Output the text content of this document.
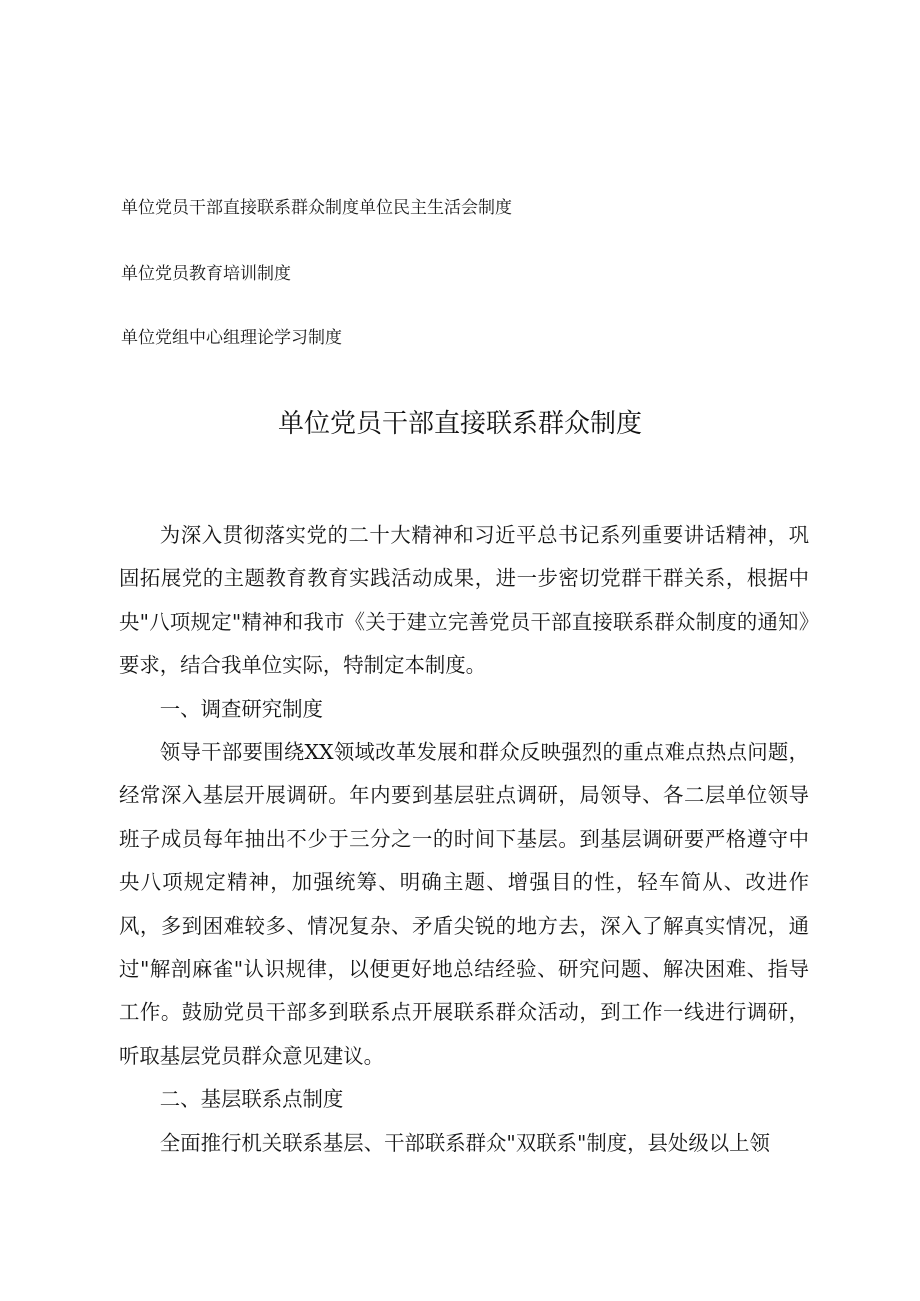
单位党员干部直接联系群众制度单位民主生活会制度
单位党员教育培训制度
单位党组中心组理论学习制度
单位党员干部直接联系群众制度

为深入贯彻落实党的二十大精神和习近平总书记系列重要讲话精神，巩固拓展党的主题教育教育实践活动成果，进一步密切党群干群关系，根据中央"八项规定"精神和我市《关于建立完善党员干部直接联系群众制度的通知》要求，结合我单位实际，特制定本制度。

一、调查研究制度

领导干部要围绕XX领域改革发展和群众反映强烈的重点难点热点问题，经常深入基层开展调研。年内要到基层驻点调研，局领导、各二层单位领导班子成员每年抽出不少于三分之一的时间下基层。到基层调研要严格遵守中央八项规定精神，加强统筹、明确主题、增强目的性，轻车简从、改进作风，多到困难较多、情况复杂、矛盾尖锐的地方去，深入了解真实情况，通过"解剖麻雀"认识规律，以便更好地总结经验、研究问题、解决困难、指导工作。鼓励党员干部多到联系点开展联系群众活动，到工作一线进行调研，听取基层党员群众意见建议。

二、基层联系点制度

全面推行机关联系基层、干部联系群众"双联系"制度，县处级以上领
